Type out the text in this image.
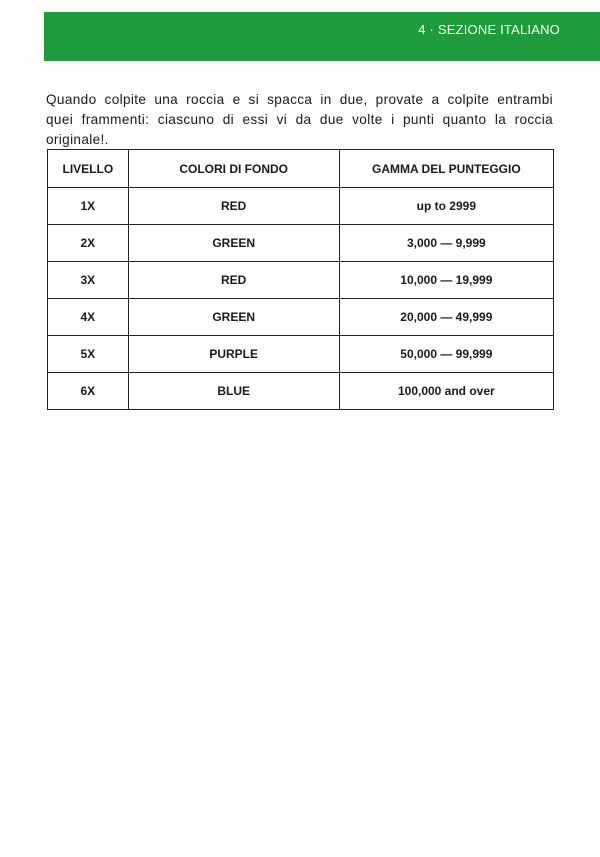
4 · SEZIONE ITALIANO

Quando colpite una roccia e si spacca in due, provate a colpite entrambi quei frammenti: ciascuno di essi vi da due volte i punti quanto la roccia originale!.

LIVELLO	COLORI DI FONDO	GAMMA DEL PUNTEGGIO
1X	RED	up to 2999
2X	GREEN	3,000 — 9,999
3X	RED	10,000 — 19,999
4X	GREEN	20,000 — 49,999
5X	PURPLE	50,000 — 99,999
6X	BLUE	100,000 and over
